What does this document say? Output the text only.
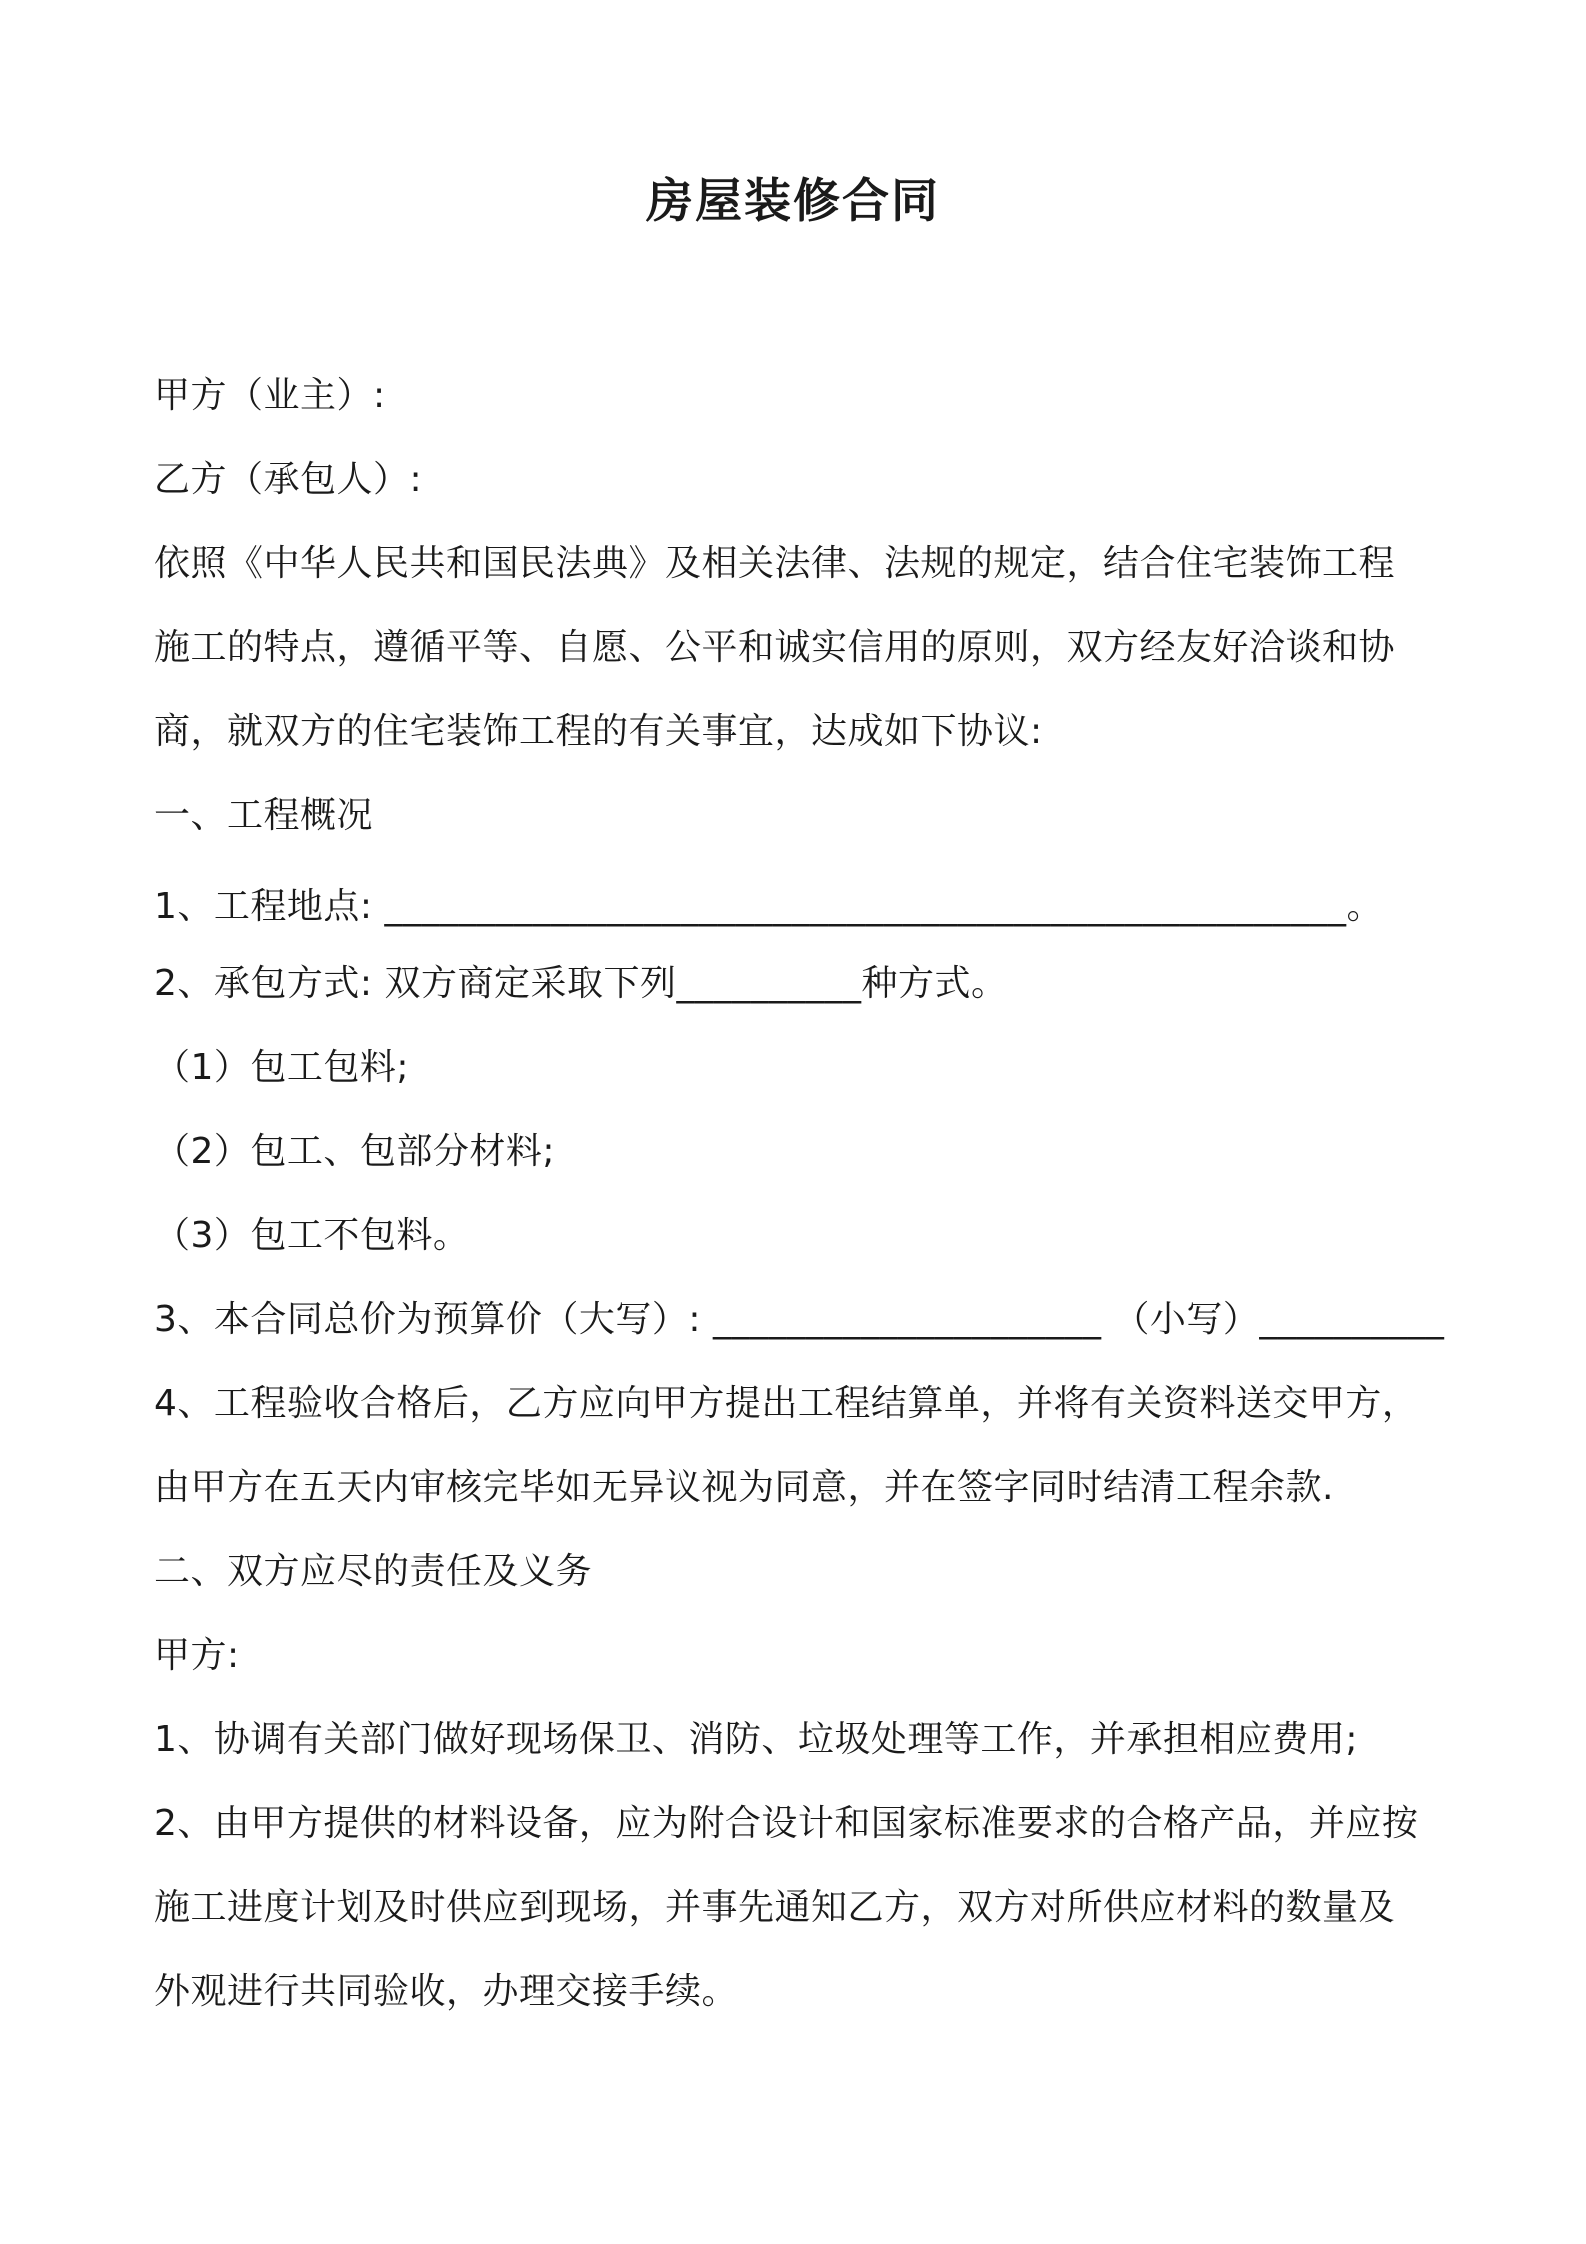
房屋装修合同

甲方（业主）:

乙方（承包人）:

依照《中华人民共和国民法典》及相关法律、法规的规定，结合住宅装饰工程

施工的特点，遵循平等、自愿、公平和诚实信用的原则，双方经友好洽谈和协

商，就双方的住宅装饰工程的有关事宜，达成如下协议:

一、工程概况

1、工程地点: ____________________________________________________。

2、承包方式: 双方商定采取下列__________种方式。

（1）包工包料;

（2）包工、包部分材料;

（3）包工不包料。

3、本合同总价为预算价（大写）: _____________________ （小写）__________

4、工程验收合格后，乙方应向甲方提出工程结算单，并将有关资料送交甲方，

由甲方在五天内审核完毕如无异议视为同意，并在签字同时结清工程余款.

二、双方应尽的责任及义务

甲方:

1、协调有关部门做好现场保卫、消防、垃圾处理等工作，并承担相应费用;

2、由甲方提供的材料设备，应为附合设计和国家标准要求的合格产品，并应按

施工进度计划及时供应到现场，并事先通知乙方，双方对所供应材料的数量及

外观进行共同验收，办理交接手续。
